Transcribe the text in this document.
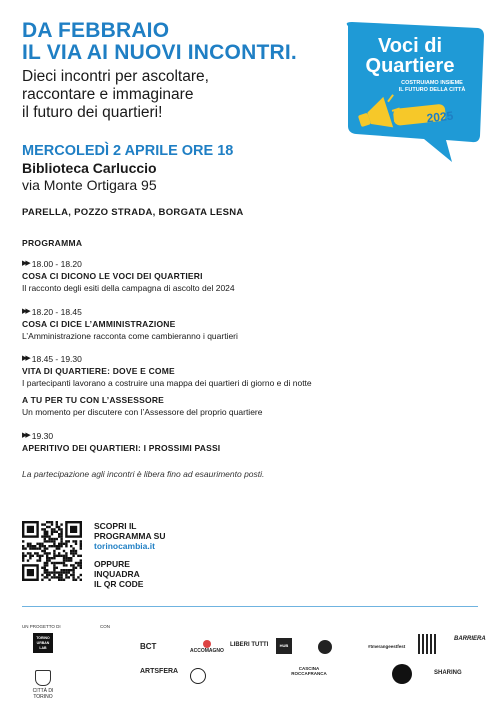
DA FEBBRAIO
IL VIA AI NUOVI INCONTRI.
Dieci incontri per ascoltare,
raccontare e immaginare
il futuro dei quartieri!
Voci di
Quartiere
COSTRUIAMO INSIEME
IL FUTURO DELLA CITTÀ
2025
MERCOLEDÌ 2 APRILE ORE 18
Biblioteca Carluccio
via Monte Ortigara 95
PARELLA, POZZO STRADA, BORGATA LESNA
PROGRAMMA
▶▶ 18.00 - 18.20
COSA CI DICONO LE VOCI DEI QUARTIERI
Il racconto degli esiti della campagna di ascolto del 2024
▶▶ 18.20 - 18.45
COSA CI DICE L’AMMINISTRAZIONE
L’Amministrazione racconta come cambieranno i quartieri
▶▶ 18.45 - 19.30
VITA DI QUARTIERE: DOVE E COME
I partecipanti lavorano a costruire una mappa dei quartieri di giorno e di notte
A TU PER TU CON L’ASSESSORE
Un momento per discutere con l’Assessore del proprio quartiere
▶▶ 19.30
APERITIVO DEI QUARTIERI: I PROSSIMI PASSI
La partecipazione agli incontri è libera fino ad esaurimento posti.
SCOPRI IL
PROGRAMMA SU
torinocambia.it
OPPURE
INQUADRA
IL QR CODE
UN PROGETTO DI	CON
TORINO URBAN LAB
CITTÀ DI TORINO
BCT	ACCOMAGNO
LIBERI TUTTI	HUB	#tmerangeestfest
BARRIERA
ARTSFERA	CASCINA ROCCAFRANCA	SHARING
